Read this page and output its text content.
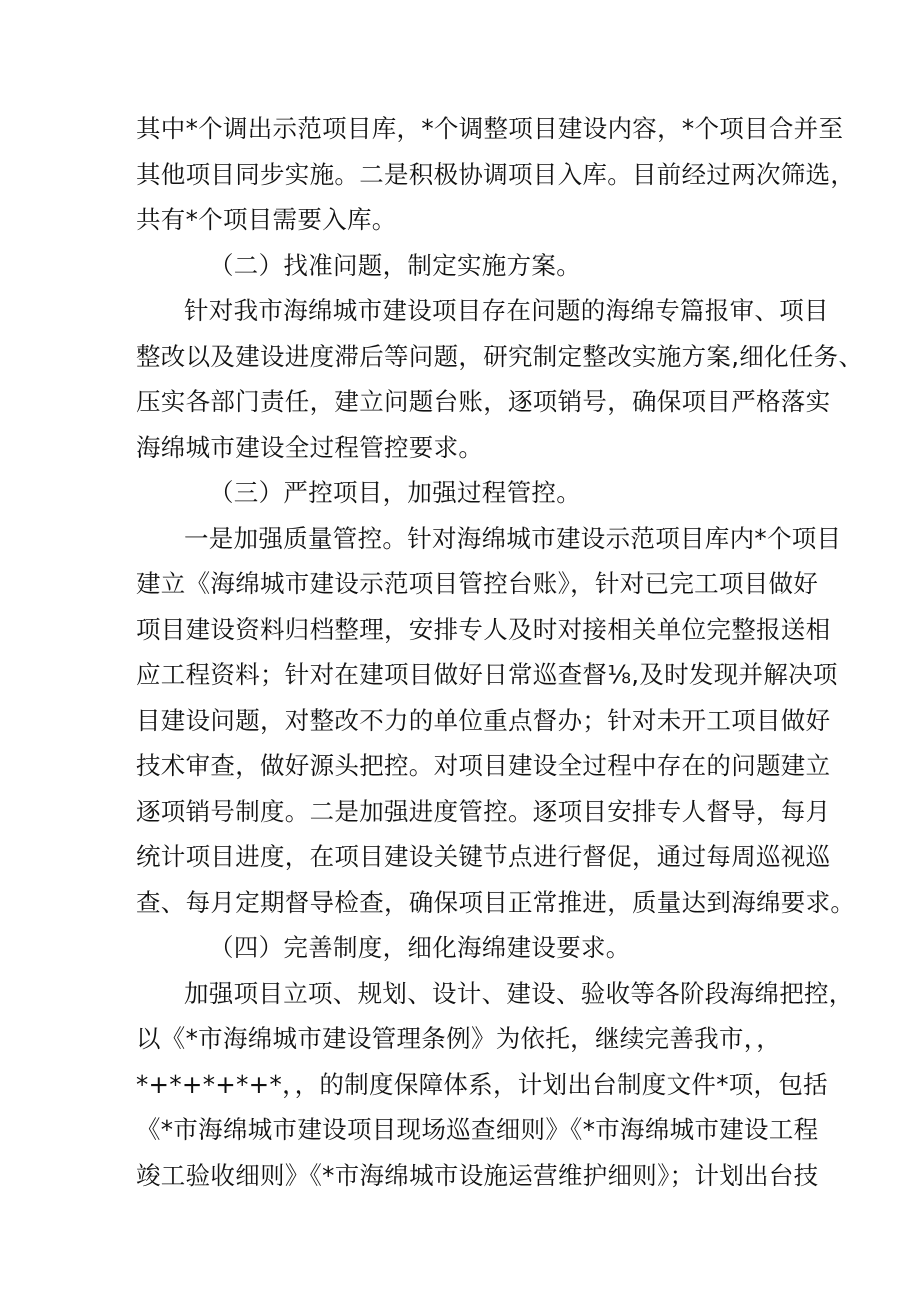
其中*个调出示范项目库，*个调整项目建设内容，*个项目合并至
其他项目同步实施。二是积极协调项目入库。目前经过两次筛选，
共有*个项目需要入库。
（二）找准问题，制定实施方案。
针对我市海绵城市建设项目存在问题的海绵专篇报审、项目
整改以及建设进度滞后等问题，研究制定整改实施方案,细化任务、
压实各部门责任，建立问题台账，逐项销号，确保项目严格落实
海绵城市建设全过程管控要求。
（三）严控项目，加强过程管控。
一是加强质量管控。针对海绵城市建设示范项目库内*个项目
建立《海绵城市建设示范项目管控台账》，针对已完工项目做好
项目建设资料归档整理，安排专人及时对接相关单位完整报送相
应工程资料；针对在建项目做好日常巡查督⅛,及时发现并解决项
目建设问题，对整改不力的单位重点督办；针对未开工项目做好
技术审查，做好源头把控。对项目建设全过程中存在的问题建立
逐项销号制度。二是加强进度管控。逐项目安排专人督导，每月
统计项目进度，在项目建设关键节点进行督促，通过每周巡视巡
查、每月定期督导检查，确保项目正常推进，质量达到海绵要求。
（四）完善制度，细化海绵建设要求。
加强项目立项、规划、设计、建设、验收等各阶段海绵把控，
以《*市海绵城市建设管理条例》为依托，继续完善我市，，
*+*+*+*+*，，的制度保障体系，计划出台制度文件*项，包括
《*市海绵城市建设项目现场巡查细则》《*市海绵城市建设工程
竣工验收细则》《*市海绵城市设施运营维护细则》；计划出台技
